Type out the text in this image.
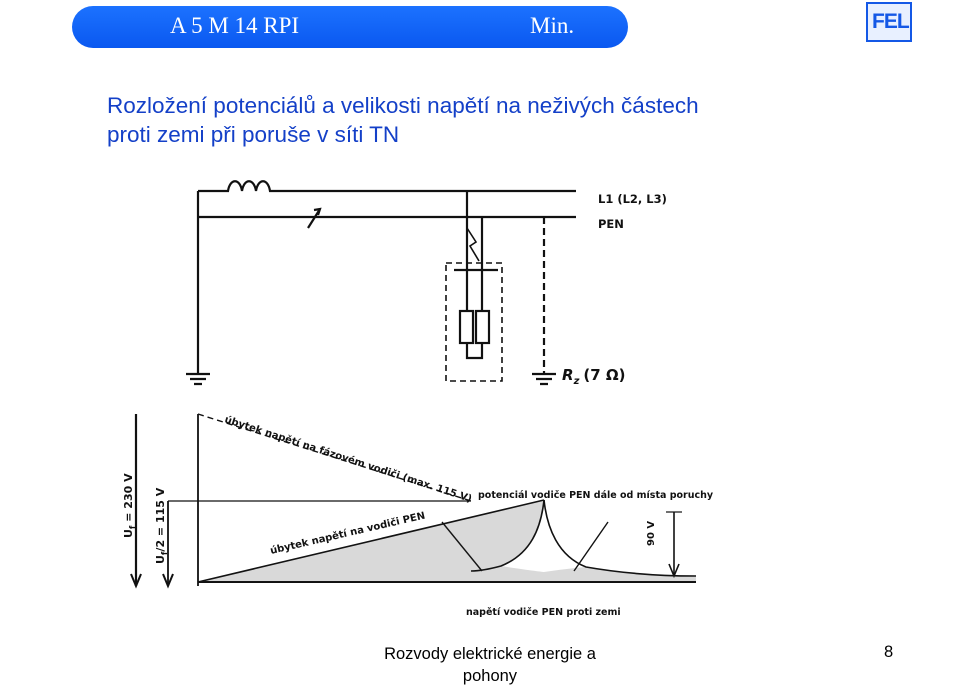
A 5 M 14 RPI	Min.	FEL
Rozložení potenciálů a velikosti napětí na neživých částech
proti zemi při poruše v síti TN
L1 (L2, L3)
PEN
$R_z$ (7 Ω)
úbytek napětí na fázovém vodiči (max. 115 V)
úbytek napětí na vodiči PEN
potenciál vodiče PEN dále od místa poruchy
napětí vodiče PEN proti zemi
$U_f = 230$ V
$U_f/2 = 115$ V	90 V
Rozvody elektrické energie a
pohony
8
